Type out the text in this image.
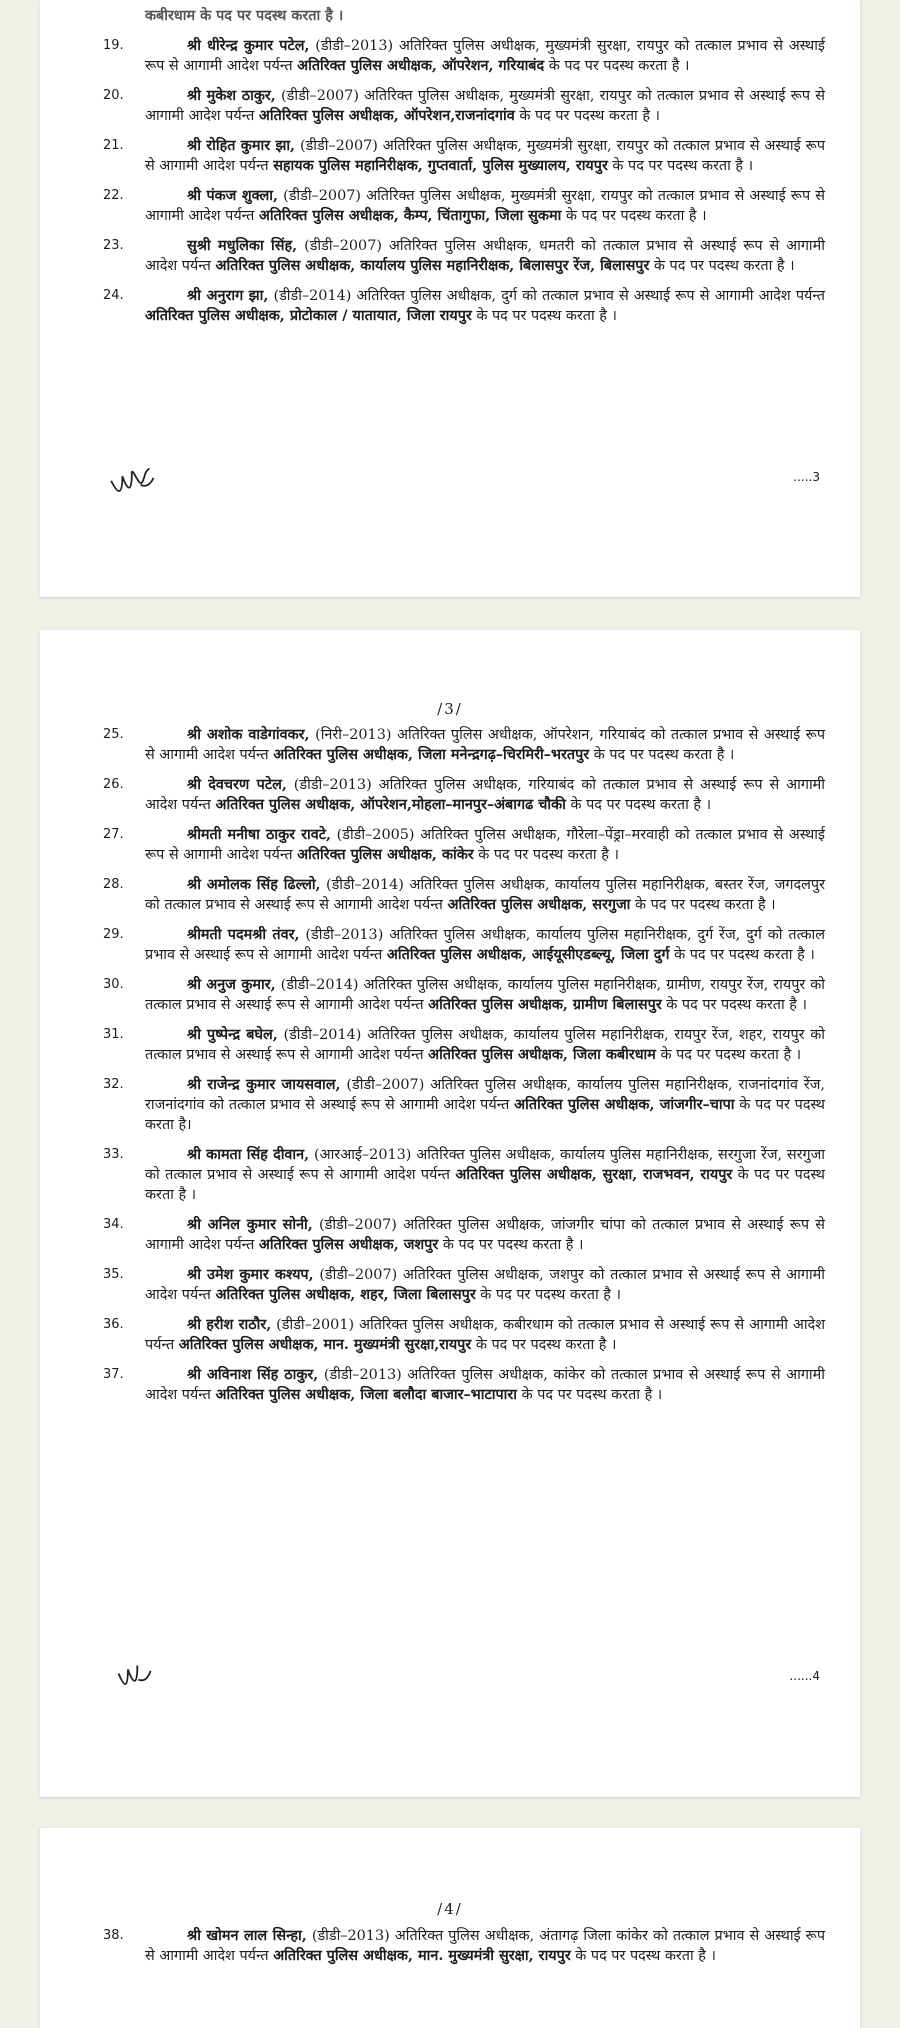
कबीरधाम के पद पर पदस्थ करता है ।

19.	श्री धीरेन्द्र कुमार पटेल, (डीडी–2013) अतिरिक्त पुलिस अधीक्षक, मुख्यमंत्री सुरक्षा, रायपुर को तत्काल प्रभाव से अस्थाई रूप से आगामी आदेश पर्यन्त अतिरिक्त पुलिस अधीक्षक, ऑपरेशन, गरियाबंद के पद पर पदस्थ करता है ।
20.	श्री मुकेश ठाकुर, (डीडी–2007) अतिरिक्त पुलिस अधीक्षक, मुख्यमंत्री सुरक्षा, रायपुर को तत्काल प्रभाव से अस्थाई रूप से आगामी आदेश पर्यन्त अतिरिक्त पुलिस अधीक्षक, ऑपरेशन,राजनांदगांव के पद पर पदस्थ करता है ।
21.	श्री रोहित कुमार झा, (डीडी–2007) अतिरिक्त पुलिस अधीक्षक, मुख्यमंत्री सुरक्षा, रायपुर को तत्काल प्रभाव से अस्थाई रूप से आगामी आदेश पर्यन्त सहायक पुलिस महानिरीक्षक, गुप्तवार्ता, पुलिस मुख्यालय, रायपुर के पद पर पदस्थ करता है ।
22.	श्री पंकज शुक्ला, (डीडी–2007) अतिरिक्त पुलिस अधीक्षक, मुख्यमंत्री सुरक्षा, रायपुर को तत्काल प्रभाव से अस्थाई रूप से आगामी आदेश पर्यन्त अतिरिक्त पुलिस अधीक्षक, कैम्प, चिंतागुफा, जिला सुकमा के पद पर पदस्थ करता है ।
23.	सुश्री मधुलिका सिंह, (डीडी–2007) अतिरिक्त पुलिस अधीक्षक, धमतरी को तत्काल प्रभाव से अस्थाई रूप से आगामी आदेश पर्यन्त अतिरिक्त पुलिस अधीक्षक, कार्यालय पुलिस महानिरीक्षक, बिलासपुर रेंज, बिलासपुर के पद पर पदस्थ करता है ।
24.	श्री अनुराग झा, (डीडी–2014) अतिरिक्त पुलिस अधीक्षक, दुर्ग को तत्काल प्रभाव से अस्थाई रूप से आगामी आदेश पर्यन्त अतिरिक्त पुलिस अधीक्षक, प्रोटोकाल / यातायात, जिला रायपुर के पद पर पदस्थ करता है ।

.....3

/3/

25.	श्री अशोक वाडेगांवकर, (निरी–2013) अतिरिक्त पुलिस अधीक्षक, ऑपरेशन, गरियाबंद को तत्काल प्रभाव से अस्थाई रूप से आगामी आदेश पर्यन्त अतिरिक्त पुलिस अधीक्षक, जिला मनेन्द्रगढ़–चिरमिरी–भरतपुर के पद पर पदस्थ करता है ।
26.	श्री देवचरण पटेल, (डीडी–2013) अतिरिक्त पुलिस अधीक्षक, गरियाबंद को तत्काल प्रभाव से अस्थाई रूप से आगामी आदेश पर्यन्त अतिरिक्त पुलिस अधीक्षक, ऑपरेशन,मोहला–मानपुर–अंबागढ चौकी के पद पर पदस्थ करता है ।
27.	श्रीमती मनीषा ठाकुर रावटे, (डीडी–2005) अतिरिक्त पुलिस अधीक्षक, गौरेला–पेंड्रा–मरवाही को तत्काल प्रभाव से अस्थाई रूप से आगामी आदेश पर्यन्त अतिरिक्त पुलिस अधीक्षक, कांकेर के पद पर पदस्थ करता है ।
28.	श्री अमोलक सिंह ढिल्लो, (डीडी–2014) अतिरिक्त पुलिस अधीक्षक, कार्यालय पुलिस महानिरीक्षक, बस्तर रेंज, जगदलपुर को तत्काल प्रभाव से अस्थाई रूप से आगामी आदेश पर्यन्त अतिरिक्त पुलिस अधीक्षक, सरगुजा के पद पर पदस्थ करता है ।
29.	श्रीमती पदमश्री तंवर, (डीडी–2013) अतिरिक्त पुलिस अधीक्षक, कार्यालय पुलिस महानिरीक्षक, दुर्ग रेंज, दुर्ग को तत्काल प्रभाव से अस्थाई रूप से आगामी आदेश पर्यन्त अतिरिक्त पुलिस अधीक्षक, आईयूसीएडब्ल्यू, जिला दुर्ग के पद पर पदस्थ करता है ।
30.	श्री अनुज कुमार, (डीडी–2014) अतिरिक्त पुलिस अधीक्षक, कार्यालय पुलिस महानिरीक्षक, ग्रामीण, रायपुर रेंज, रायपुर को तत्काल प्रभाव से अस्थाई रूप से आगामी आदेश पर्यन्त अतिरिक्त पुलिस अधीक्षक, ग्रामीण बिलासपुर के पद पर पदस्थ करता है ।
31.	श्री पुष्पेन्द्र बघेल, (डीडी–2014) अतिरिक्त पुलिस अधीक्षक, कार्यालय पुलिस महानिरीक्षक, रायपुर रेंज, शहर, रायपुर को तत्काल प्रभाव से अस्थाई रूप से आगामी आदेश पर्यन्त अतिरिक्त पुलिस अधीक्षक, जिला कबीरधाम के पद पर पदस्थ करता है ।
32.	श्री राजेन्द्र कुमार जायसवाल, (डीडी–2007) अतिरिक्त पुलिस अधीक्षक, कार्यालय पुलिस महानिरीक्षक, राजनांदगांव रेंज, राजनांदगांव को तत्काल प्रभाव से अस्थाई रूप से आगामी आदेश पर्यन्त अतिरिक्त पुलिस अधीक्षक, जांजगीर–चापा के पद पर पदस्थ करता है।
33.	श्री कामता सिंह दीवान, (आरआई–2013) अतिरिक्त पुलिस अधीक्षक, कार्यालय पुलिस महानिरीक्षक, सरगुजा रेंज, सरगुजा को तत्काल प्रभाव से अस्थाई रूप से आगामी आदेश पर्यन्त अतिरिक्त पुलिस अधीक्षक, सुरक्षा, राजभवन, रायपुर के पद पर पदस्थ करता है ।
34.	श्री अनिल कुमार सोनी, (डीडी–2007) अतिरिक्त पुलिस अधीक्षक, जांजगीर चांपा को तत्काल प्रभाव से अस्थाई रूप से आगामी आदेश पर्यन्त अतिरिक्त पुलिस अधीक्षक, जशपुर के पद पर पदस्थ करता है ।
35.	श्री उमेश कुमार कश्यप, (डीडी–2007) अतिरिक्त पुलिस अधीक्षक, जशपुर को तत्काल प्रभाव से अस्थाई रूप से आगामी आदेश पर्यन्त अतिरिक्त पुलिस अधीक्षक, शहर, जिला बिलासपुर के पद पर पदस्थ करता है ।
36.	श्री हरीश राठौर, (डीडी–2001) अतिरिक्त पुलिस अधीक्षक, कबीरधाम को तत्काल प्रभाव से अस्थाई रूप से आगामी आदेश पर्यन्त अतिरिक्त पुलिस अधीक्षक, मान. मुख्यमंत्री सुरक्षा,रायपुर के पद पर पदस्थ करता है ।
37.	श्री अविनाश सिंह ठाकुर, (डीडी–2013) अतिरिक्त पुलिस अधीक्षक, कांकेर को तत्काल प्रभाव से अस्थाई रूप से आगामी आदेश पर्यन्त अतिरिक्त पुलिस अधीक्षक, जिला बलौदा बाजार–भाटापारा के पद पर पदस्थ करता है ।

......4

/4/

38.	श्री खोमन लाल सिन्हा, (डीडी–2013) अतिरिक्त पुलिस अधीक्षक, अंतागढ़ जिला कांकेर को तत्काल प्रभाव से अस्थाई रूप से आगामी आदेश पर्यन्त अतिरिक्त पुलिस अधीक्षक, मान. मुख्यमंत्री सुरक्षा, रायपुर के पद पर पदस्थ करता है ।
